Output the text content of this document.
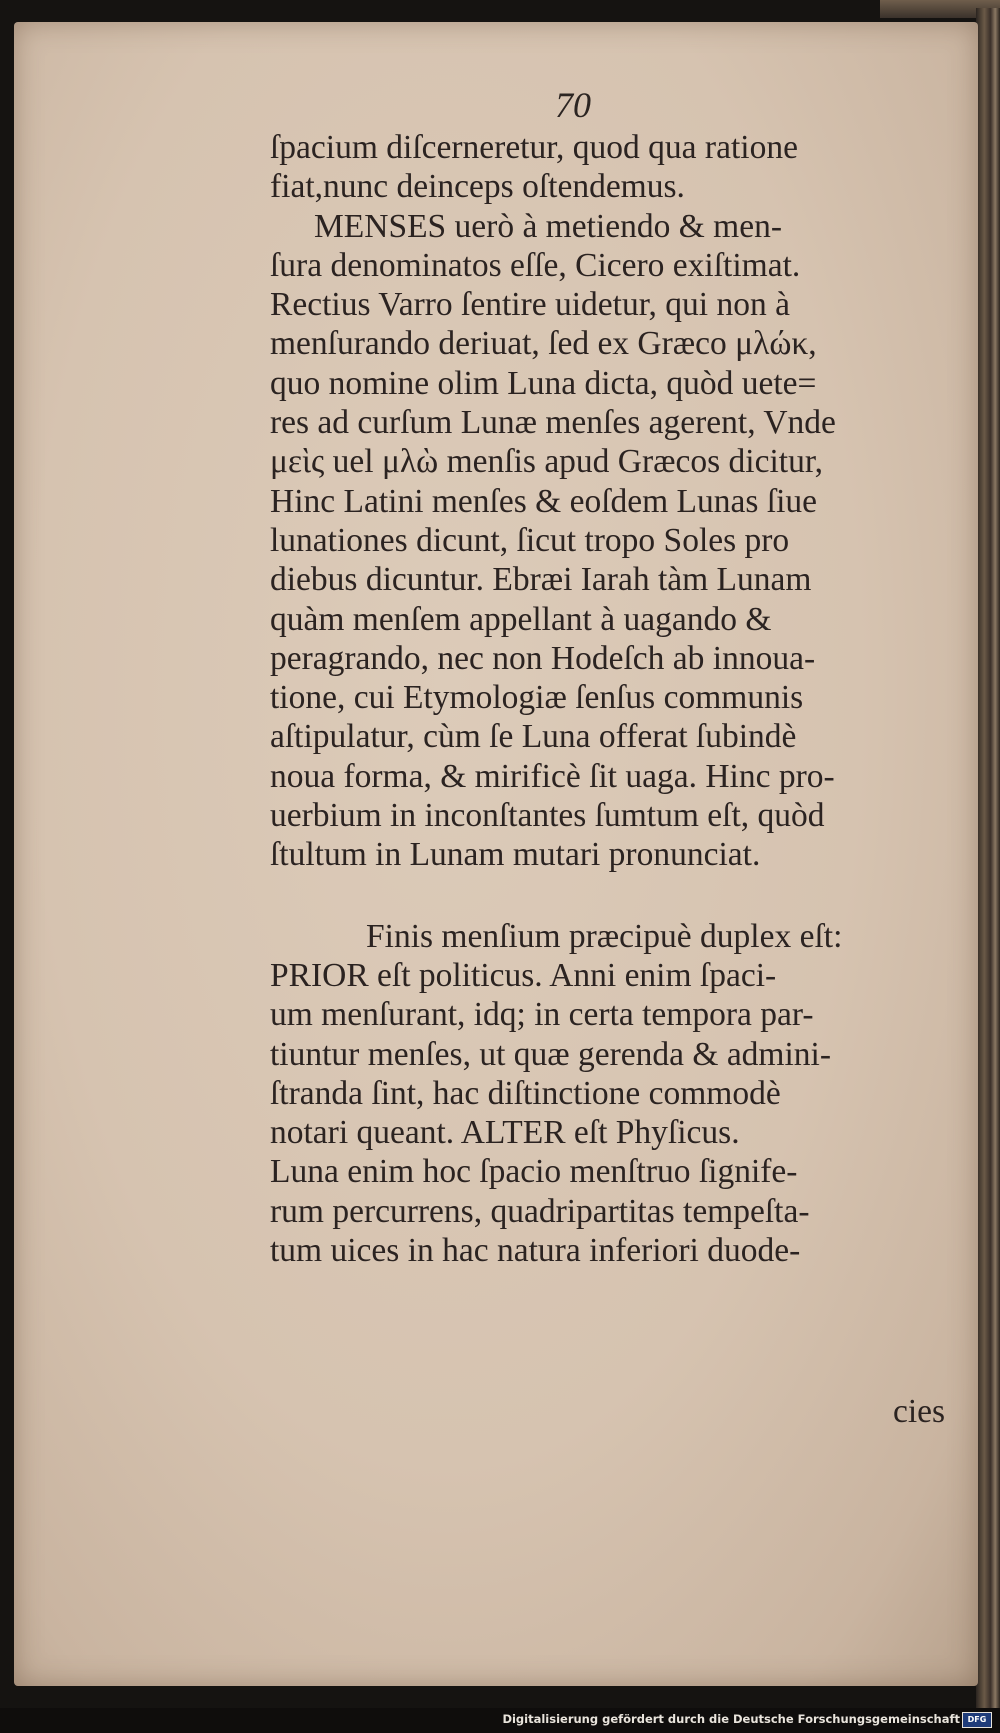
70
ſpacium diſcerneretur, quod qua ratione
fiat,nunc deinceps oſtendemus.
MENSES uerò à metiendo & men-
ſura denominatos eſſe, Cicero exiſtimat.
Rectius Varro ſentire uidetur, qui non à
menſurando deriuat, ſed ex Græco μλώκ,
quo nomine olim Luna dicta, quòd uete=
res ad curſum Lunæ menſes agerent, Vnde
μεὶς uel μλὼ menſis apud Græcos dicitur,
Hinc Latini menſes & eoſdem Lunas ſiue
lunationes dicunt, ſicut tropo Soles pro
diebus dicuntur. Ebræi Iarah tàm Lunam
quàm menſem appellant à uagando &
peragrando, nec non Hodeſch ab innoua-
tione, cui Etymologiæ ſenſus communis
aſtipulatur, cùm ſe Luna offerat ſubindè
noua forma, & mirificè ſit uaga. Hinc pro-
uerbium in inconſtantes ſumtum eſt, quòd
ſtultum in Lunam mutari pronunciat.
Finis menſium præcipuè duplex eſt:
PRIOR eſt politicus. Anni enim ſpaci-
um menſurant, idq; in certa tempora par-
tiuntur menſes, ut quæ gerenda & admini-
ſtranda ſint, hac diſtinctione commodè
notari queant. ALTER eſt Phyſicus.
Luna enim hoc ſpacio menſtruo ſignife-
rum percurrens, quadripartitas tempeſta-
tum uices in hac natura inferiori duode-
cies
Digitalisierung gefördert durch die Deutsche Forschungsgemeinschaft DFG
